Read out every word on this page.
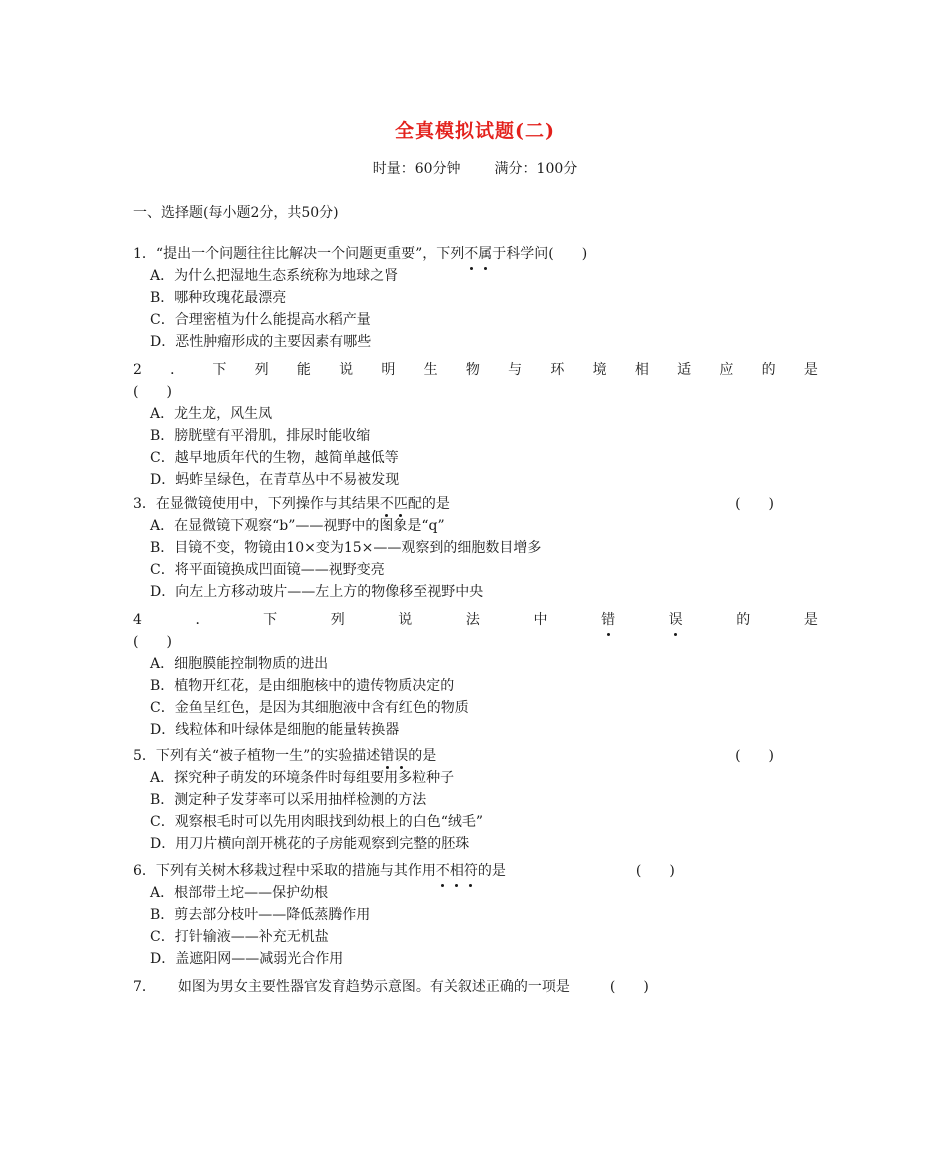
全真模拟试题(二)
时量：60分钟 满分：100分
一、选择题(每小题2分，共50分)
1．“提出一个问题往往比解决一个问题更重要”，下列 不 属 于科学问(　　)
A．为什么把湿地生态系统称为地球之肾
B．哪种玫瑰花最漂亮
C．合理密植为什么能提高水稻产量
D．恶性肿瘤形成的主要因素有哪些
2 ． 下 列 能 说 明 生 物 与 环 境 相 适 应 的 是
(　　)
A．龙生龙，风生凤
B．膀胱壁有平滑肌，排尿时能收缩
C．越早地质年代的生物，越简单越低等
D．蚂蚱呈绿色，在青草丛中不易被发现
3．在显微镜使用中，下列操作与其结果不匹配的是	(　　)
A．在显微镜下观察“b”——视野中的图象是“q”
B．目镜不变，物镜由10×变为15×——观察到的细胞数目增多
C．将平面镜换成凹面镜——视野变亮
D．向左上方移动玻片——左上方的物像移至视野中央
4	．	下	列	说	法	中	错	误	的	是
(　　)
A．细胞膜能控制物质的进出
B．植物开红花，是由细胞核中的遗传物质决定的
C．金鱼呈红色，是因为其细胞液中含有红色的物质
D．线粒体和叶绿体是细胞的能量转换器
5．下列有关“被子植物一生”的实验描述错误的是	(　　)
A．探究种子萌发的环境条件时每组要用多粒种子
B．测定种子发芽率可以采用抽样检测的方法
C．观察根毛时可以先用肉眼找到幼根上的白色“绒毛”
D．用刀片横向剖开桃花的子房能观察到完整的胚珠
6．下列有关树木移栽过程中采取的措施与其作用 不 相 符 的是	(　　)
A．根部带土坨——保护幼根
B．剪去部分枝叶——降低蒸腾作用
C．打针输液——补充无机盐
D．盖遮阳网——减弱光合作用
7． 如图为男女主要性器官发育趋势示意图。有关叙述正确的一项是	(　　)
